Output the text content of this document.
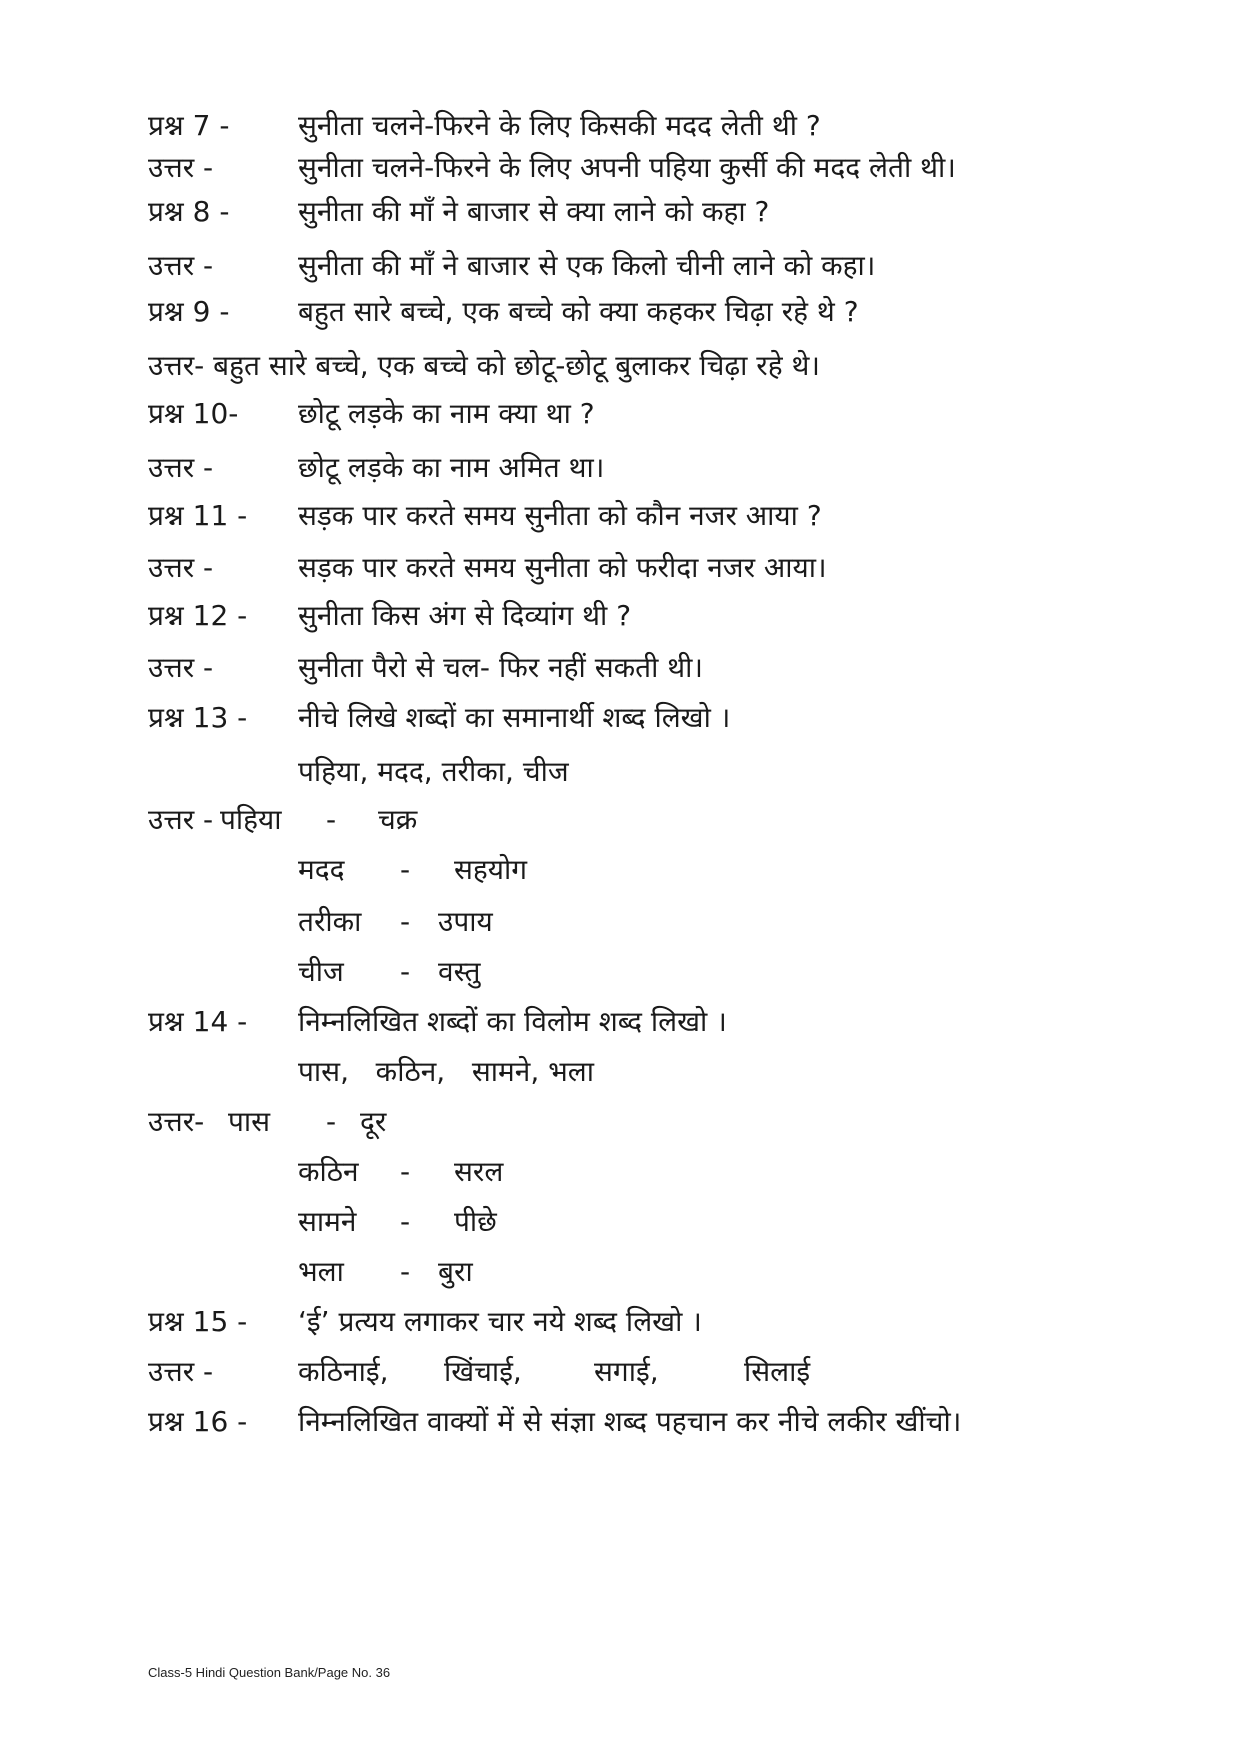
प्रश्न 7 - सुनीता चलने-फिरने के लिए किसकी मदद लेती थी ?
उत्तर -	सुनीता चलने-फिरने के लिए अपनी पहिया कुर्सी की मदद लेती थी।
प्रश्न 8 - सुनीता की माँ ने बाजार से क्या लाने को कहा ?
उत्तर -	सुनीता की माँ ने बाजार से एक किलो चीनी लाने को कहा।
प्रश्न 9 - बहुत सारे बच्चे, एक बच्चे को क्या कहकर चिढ़ा रहे थे ?
उत्तर- बहुत सारे बच्चे, एक बच्चे को छोटू-छोटू बुलाकर चिढ़ा रहे थे।
प्रश्न 10- छोटू लड़के का नाम क्या था ?
उत्तर -	छोटू लड़के का नाम अमित था।
प्रश्न 11 - सड़क पार करते समय सुनीता को कौन नजर आया ?
उत्तर -	सड़क पार करते समय सुनीता को फरीदा नजर आया।
प्रश्न 12 - सुनीता किस अंग से दिव्यांग थी ?
उत्तर -	सुनीता पैरो से चल- फिर नहीं सकती थी।
प्रश्न 13 - नीचे लिखे शब्दों का समानार्थी शब्द लिखो ।
पहिया, मदद, तरीका, चीज
उत्तर - पहिया - चक्र
मदद - सहयोग
तरीका - उपाय
चीज - वस्तु
प्रश्न 14 - निम्नलिखित शब्दों का विलोम शब्द लिखो ।
पास,   कठिन,   सामने, भला
उत्तर- पास - दूर
कठिन - सरल
सामने - पीछे
भला - बुरा
प्रश्न 15 - ‘ई’ प्रत्यय लगाकर चार नये शब्द लिखो ।
उत्तर -	कठिनाई, खिंचाई,	सगाई,	सिलाई
प्रश्न 16 - निम्नलिखित वाक्यों में से संज्ञा शब्द पहचान कर नीचे लकीर खींचो।
Class-5 Hindi Question Bank/Page No. 36
